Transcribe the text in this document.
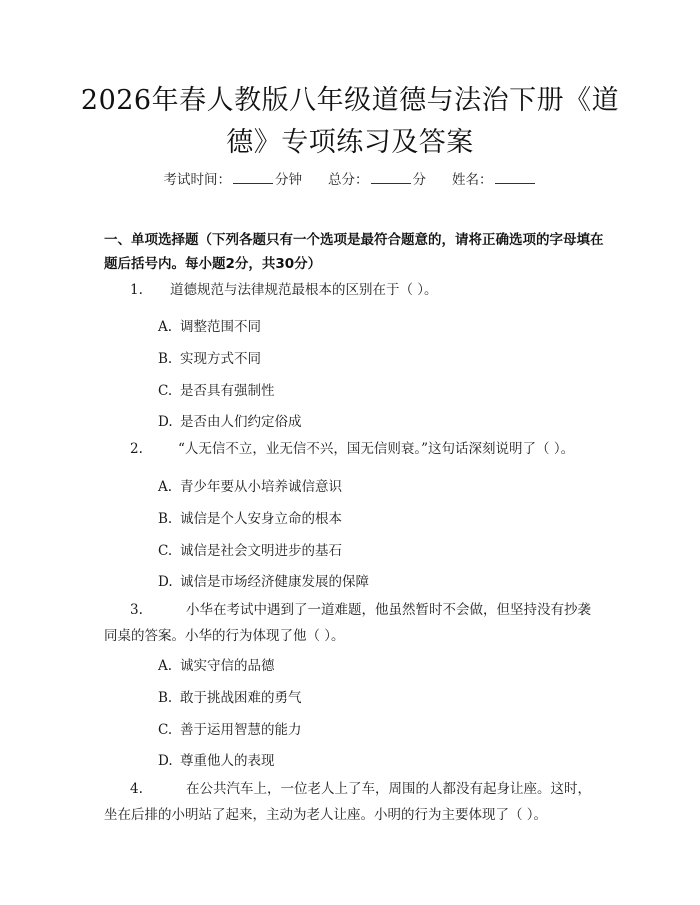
2026年春人教版八年级道德与法治下册《道德》专项练习及答案
考试时间：	分钟 总分：	分 姓名：
一、单项选择题（下列各题只有一个选项是最符合题意的，请将正确选项的字母填在题后括号内。每小题2分，共30分）
1. 道德规范与法律规范最根本的区别在于（ ）。
A. 调整范围不同
B. 实现方式不同
C. 是否具有强制性
D. 是否由人们约定俗成
2.	“人无信不立，业无信不兴，国无信则衰。”这句话深刻说明了（ ）。
A. 青少年要从小培养诚信意识
B. 诚信是个人安身立命的根本
C. 诚信是社会文明进步的基石
D. 诚信是市场经济健康发展的保障
3.	小华在考试中遇到了一道难题，他虽然暂时不会做，但坚持没有抄袭同桌的答案。小华的行为体现了他（ ）。
A. 诚实守信的品德
B. 敢于挑战困难的勇气
C. 善于运用智慧的能力
D. 尊重他人的表现
4.	在公共汽车上，一位老人上了车，周围的人都没有起身让座。这时，坐在后排的小明站了起来，主动为老人让座。小明的行为主要体现了（ ）。
